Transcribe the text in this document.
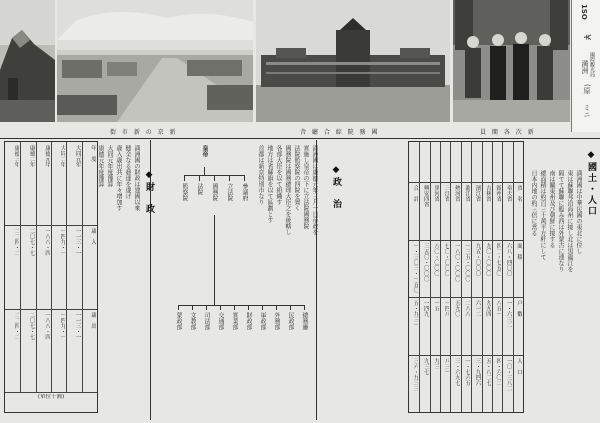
1SO
¥
國際觀光局
満洲
(原
ミニ
街 市 新 の 京 新	舎 廳 合 綜 院 務 國	員 閣 各 次 新
◆國土・人口
満洲國は中華民國の東北に位し
東は蘇聯邦沿海州に接し北は黒龍江を
隔てて蘇聯に臨み西は外蒙古に連なり
南は關東州及び朝鮮に接する
總面積は約百三十萬平方粁にして
日本内地の約三倍に當る
省　名
面　積
戸　數
人　口
奉天省
六八・四〇〇
一・六三二
一〇・三八二
錦州省
四二・七五〇
八五一
四・六〇二
吉林省
九〇・〇〇〇
九九四
五・八二七
濱江省
九五・〇〇〇
六一二
三・九四六
龍江省
一三五・〇〇〇
二八八
一・七六五
熱河省
一八〇・〇〇〇
五九〇
三・六九七
三江省
七〇・〇〇〇
一四八
八三一
黒河省
八〇・〇〇〇
一五
九三
興安四省
三五〇・〇〇〇
一四九
九三七
合　計
一・三〇三・一五〇
五・九三一
三六・九三三
◆政　治
満洲國は康徳元年三月一日帝政を
實施し皇帝の下に立法院國務院
法院監察院の四院を置く
國務院は國務總理大臣之を統轄し
各部大臣を以て組織す
地方は省縣旗を以て區劃とす
首都は新京特別市なり
皇帝
參議府
立法院
國務院
法院
監察院
總務廳
民政部
外務部
軍政部
財政部
實業部
交通部
司法部
文教部
蒙政部
◆財　政
満洲國の財政は建國以來
健全なる發達を遂げ
歳入歳出共に年々增加す
大同元年度豫算
康徳元年度豫算
年　度
歳　入
歳　出
大同元年
一一三・一
一一三・一
大同二年
一四九・一
一四九・一
康徳元年
一八八・四
一八八・四
康徳二年
二〇七・七
二〇七・七
康徳三年
二二四・二
二二四・二
(單位千圓)
